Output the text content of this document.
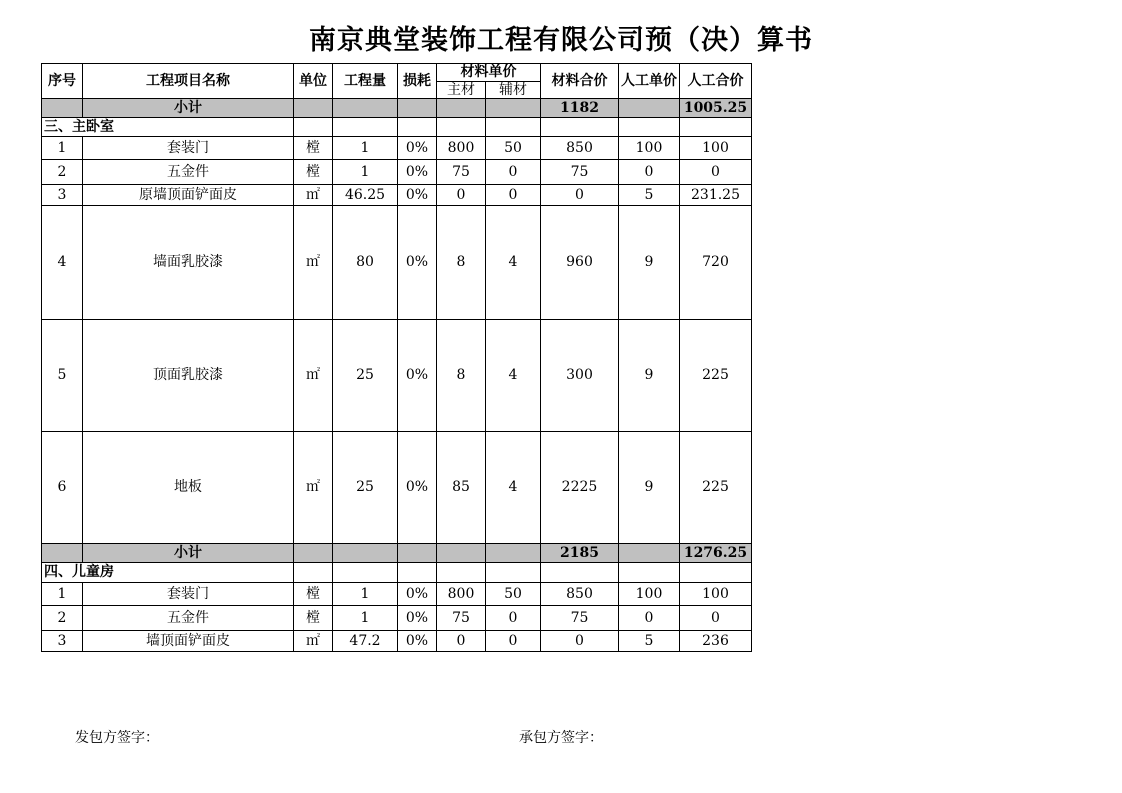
南京典堂装饰工程有限公司预（决）算书
序号	工程项目名称	单位	工程量	损耗	材料单价		材料合价	人工单价	人工合价
					主材	辅材			
	小计						1182		1005.25
三、主卧室									
1	套装门	樘	1	0%	800	50	850	100	100
2	五金件	樘	1	0%	75	0	75	0	0
3	原墙顶面铲面皮	㎡	46.25	0%	0	0	0	5	231.25
4	墙面乳胶漆	㎡	80	0%	8	4	960	9	720
5	顶面乳胶漆	㎡	25	0%	8	4	300	9	225
6	地板	㎡	25	0%	85	4	2225	9	225
	小计						2185		1276.25
四、儿童房									
1	套装门	樘	1	0%	800	50	850	100	100
2	五金件	樘	1	0%	75	0	75	0	0
3	墙顶面铲面皮	㎡	47.2	0%	0	0	0	5	236
发包方签字：	承包方签字：
